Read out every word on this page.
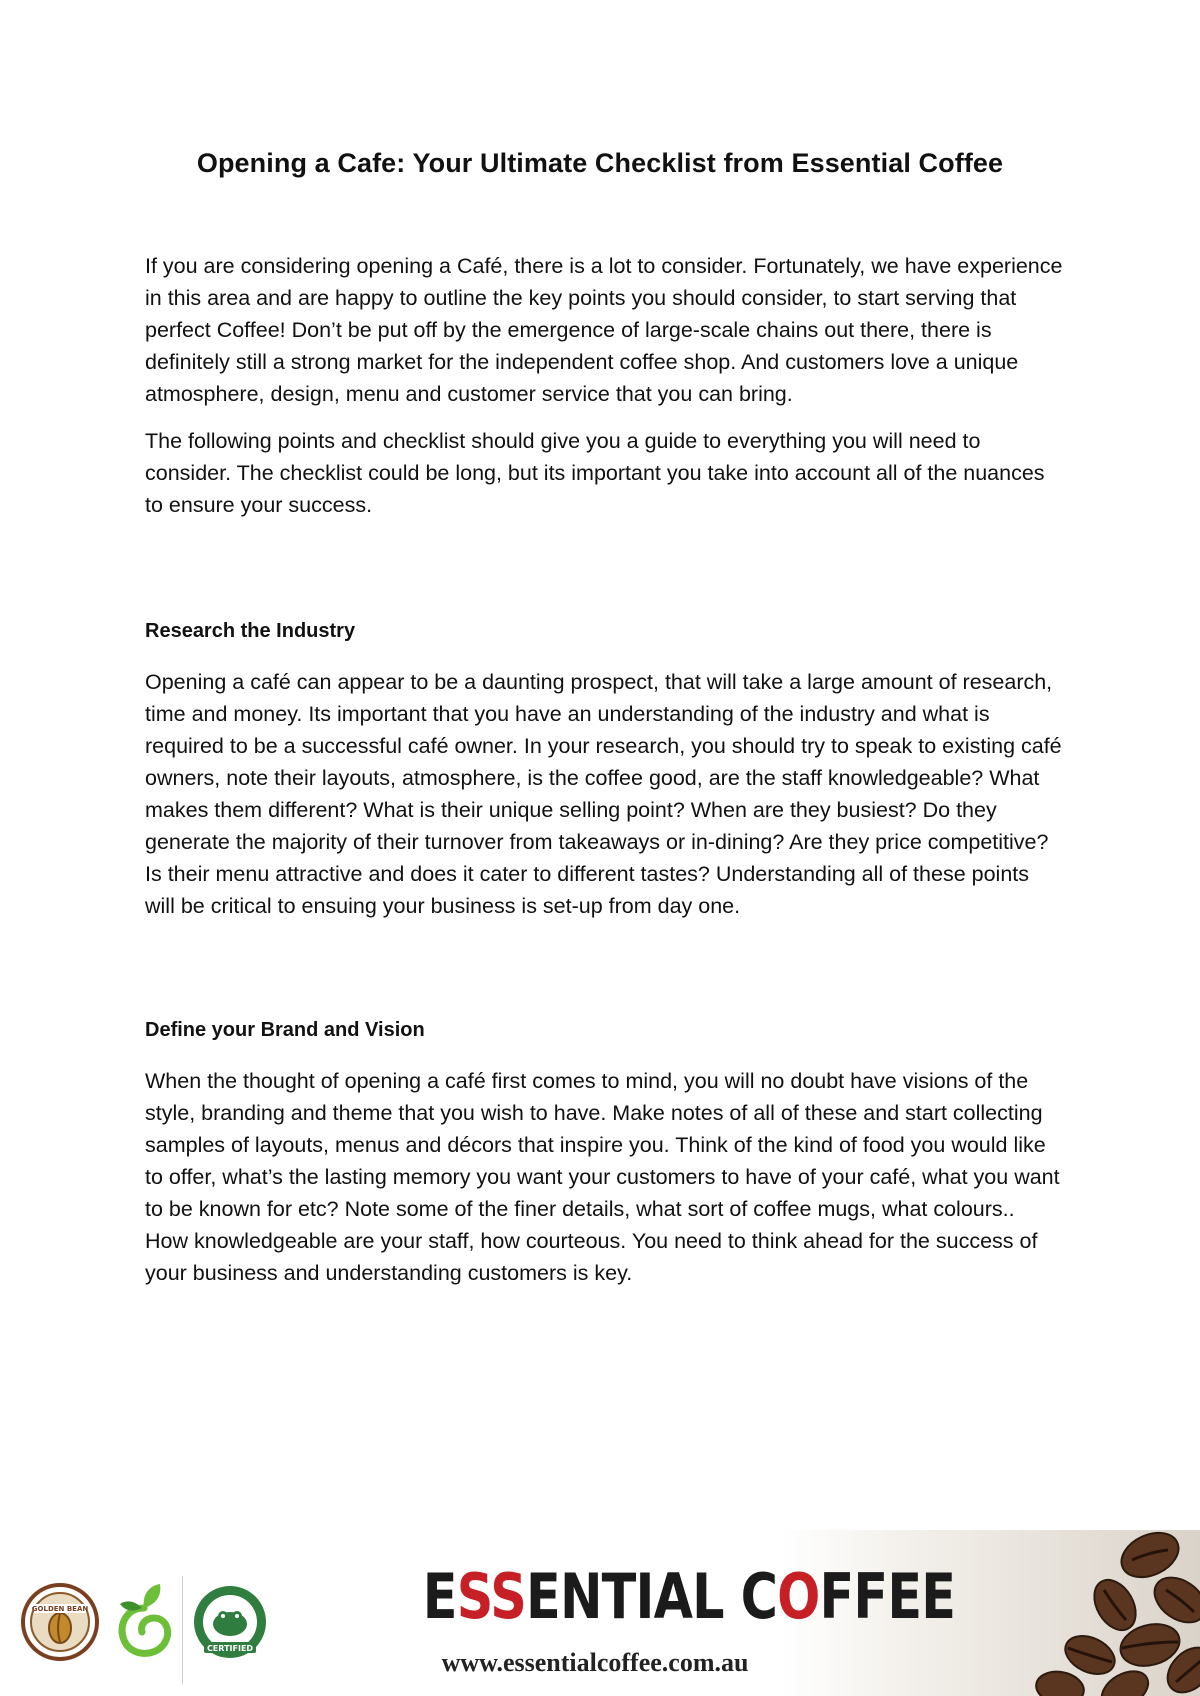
Opening a Cafe: Your Ultimate Checklist from Essential Coffee

If you are considering opening a Café, there is a lot to consider. Fortunately, we have experience in this area and are happy to outline the key points you should consider, to start serving that perfect Coffee! Don’t be put off by the emergence of large-scale chains out there, there is definitely still a strong market for the independent coffee shop. And customers love a unique atmosphere, design, menu and customer service that you can bring.

The following points and checklist should give you a guide to everything you will need to consider. The checklist could be long, but its important you take into account all of the nuances to ensure your success.

Research the Industry

Opening a café can appear to be a daunting prospect, that will take a large amount of research, time and money. Its important that you have an understanding of the industry and what is required to be a successful café owner. In your research, you should try to speak to existing café owners, note their layouts, atmosphere, is the coffee good, are the staff knowledgeable? What makes them different? What is their unique selling point? When are they busiest? Do they generate the majority of their turnover from takeaways or in-dining? Are they price competitive? Is their menu attractive and does it cater to different tastes? Understanding all of these points will be critical to ensuing your business is set-up from day one.

Define your Brand and Vision

When the thought of opening a café first comes to mind, you will no doubt have visions of the style, branding and theme that you wish to have. Make notes of all of these and start collecting samples of layouts, menus and décors that inspire you. Think of the kind of food you would like to offer, what’s the lasting memory you want your customers to have of your café, what you want to be known for etc? Note some of the finer details, what sort of coffee mugs, what colours.. How knowledgeable are your staff, how courteous. You need to think ahead for the success of your business and understanding customers is key.

GOLDEN BEAN
CERTIFIED
ESSENTIAL COFFEE
www.essentialcoffee.com.au
